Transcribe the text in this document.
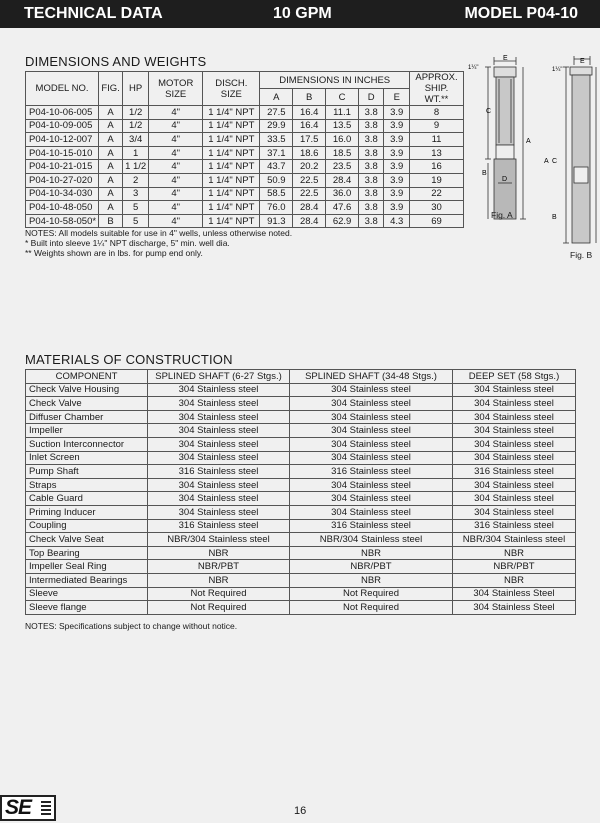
TECHNICAL DATA	10 GPM	MODEL P04-10
DIMENSIONS AND WEIGHTS
MODEL NO.	FIG.	HP	MOTOR SIZE	DISCH. SIZE	DIMENSIONS IN INCHES					APPROX. SHIP. WT.**
					A	B	C	D	E	
P04-10-06-005	A	1/2	4"	1 1/4" NPT	27.5	16.4	11.1	3.8	3.9	8
P04-10-09-005	A	1/2	4"	1 1/4" NPT	29.9	16.4	13.5	3.8	3.9	9
P04-10-12-007	A	3/4	4"	1 1/4" NPT	33.5	17.5	16.0	3.8	3.9	11
P04-10-15-010	A	1	4"	1 1/4" NPT	37.1	18.6	18.5	3.8	3.9	13
P04-10-21-015	A	1 1/2	4"	1 1/4" NPT	43.7	20.2	23.5	3.8	3.9	16
P04-10-27-020	A	2	4"	1 1/4" NPT	50.9	22.5	28.4	3.8	3.9	19
P04-10-34-030	A	3	4"	1 1/4" NPT	58.5	22.5	36.0	3.8	3.9	22
P04-10-48-050	A	5	4"	1 1/4" NPT	76.0	28.4	47.6	3.8	3.9	30
P04-10-58-050*	B	5	4"	1 1/4" NPT	91.3	28.4	62.9	3.8	4.3	69
NOTES: All models suitable for use in 4" wells, unless otherwise noted.
* Built into sleeve 1¼" NPT discharge, 5" min. well dia.
** Weights shown are in lbs. for pump end only.
C
A
B
D
E
1¼"
Fig. A
A C
B
E
1¼"
Fig. B
MATERIALS OF CONSTRUCTION
COMPONENT	SPLINED SHAFT (6-27 Stgs.)	SPLINED SHAFT (34-48 Stgs.)	DEEP SET (58 Stgs.)
Check Valve Housing	304 Stainless steel	304 Stainless steel	304 Stainless steel
Check Valve	304 Stainless steel	304 Stainless steel	304 Stainless steel
Diffuser Chamber	304 Stainless steel	304 Stainless steel	304 Stainless steel
Impeller	304 Stainless steel	304 Stainless steel	304 Stainless steel
Suction Interconnector	304 Stainless steel	304 Stainless steel	304 Stainless steel
Inlet Screen	304 Stainless steel	304 Stainless steel	304 Stainless steel
Pump Shaft	316 Stainless steel	316 Stainless steel	316 Stainless steel
Straps	304 Stainless steel	304 Stainless steel	304 Stainless steel
Cable Guard	304 Stainless steel	304 Stainless steel	304 Stainless steel
Priming Inducer	304 Stainless steel	304 Stainless steel	304 Stainless steel
Coupling	316 Stainless steel	316 Stainless steel	316 Stainless steel
Check Valve Seat	NBR/304 Stainless steel	NBR/304 Stainless steel	NBR/304 Stainless steel
Top Bearing	NBR	NBR	NBR
Impeller Seal Ring	NBR/PBT	NBR/PBT	NBR/PBT
Intermediated Bearings	NBR	NBR	NBR
Sleeve	Not Required	Not Required	304 Stainless Steel
Sleeve flange	Not Required	Not Required	304 Stainless Steel
NOTES: Specifications subject to change without notice.
SE	16
